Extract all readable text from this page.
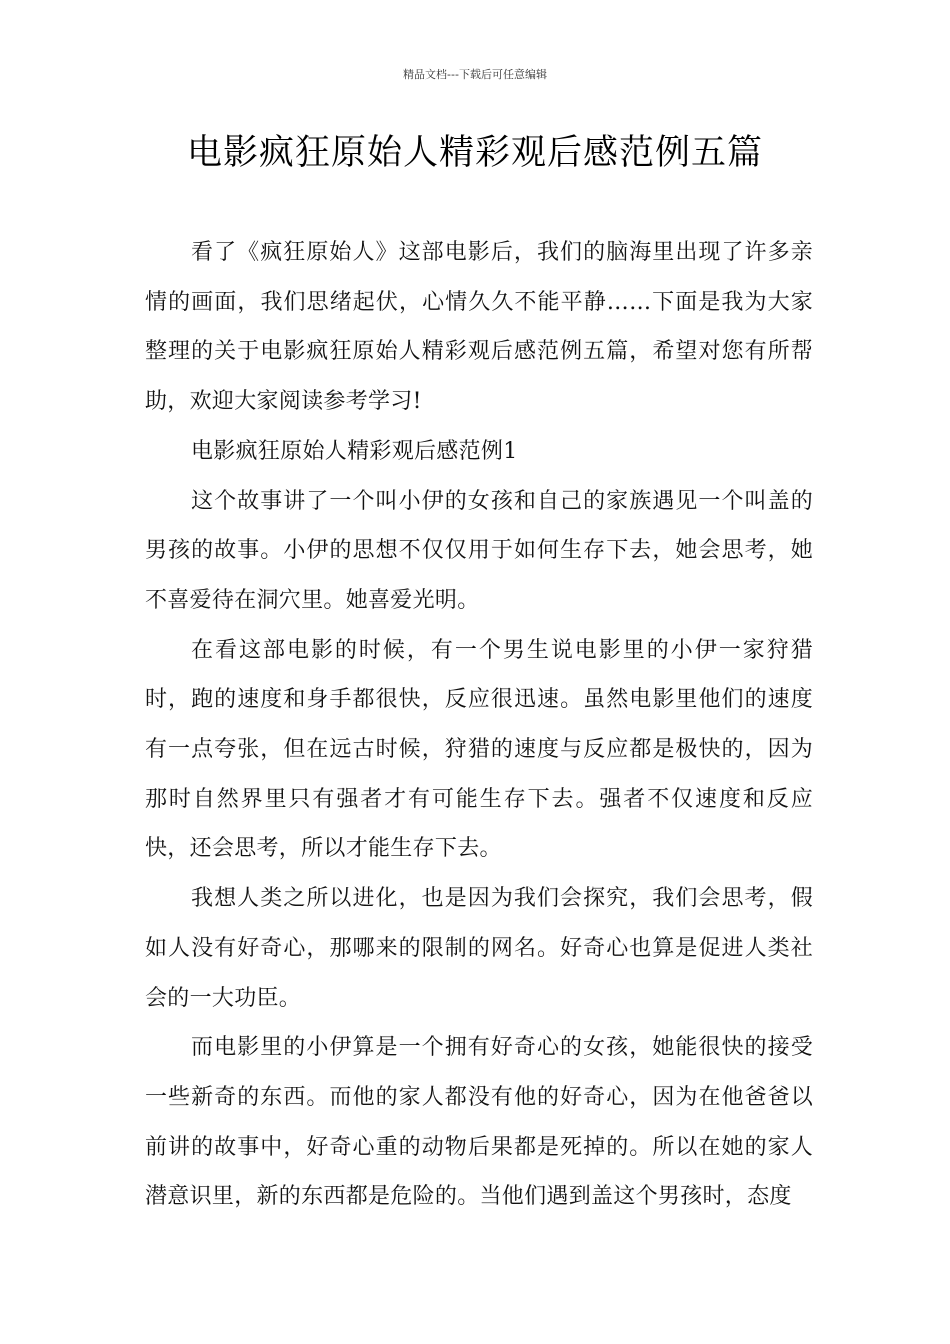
精品文档---下载后可任意编辑
电影疯狂原始人精彩观后感范例五篇

看了《疯狂原始人》这部电影后，我们的脑海里出现了许多亲情的画面，我们思绪起伏，心情久久不能平静……下面是我为大家整理的关于电影疯狂原始人精彩观后感范例五篇，希望对您有所帮助，欢迎大家阅读参考学习!

电影疯狂原始人精彩观后感范例1

这个故事讲了一个叫小伊的女孩和自己的家族遇见一个叫盖的男孩的故事。小伊的思想不仅仅用于如何生存下去，她会思考，她不喜爱待在洞穴里。她喜爱光明。

在看这部电影的时候，有一个男生说电影里的小伊一家狩猎时，跑的速度和身手都很快，反应很迅速。虽然电影里他们的速度有一点夸张，但在远古时候，狩猎的速度与反应都是极快的，因为那时自然界里只有强者才有可能生存下去。强者不仅速度和反应快，还会思考，所以才能生存下去。

我想人类之所以进化，也是因为我们会探究，我们会思考，假如人没有好奇心，那哪来的限制的网名。好奇心也算是促进人类社会的一大功臣。

而电影里的小伊算是一个拥有好奇心的女孩，她能很快的接受一些新奇的东西。而他的家人都没有他的好奇心，因为在他爸爸以前讲的故事中，好奇心重的动物后果都是死掉的。所以在她的家人潜意识里，新的东西都是危险的。当他们遇到盖这个男孩时，态度
